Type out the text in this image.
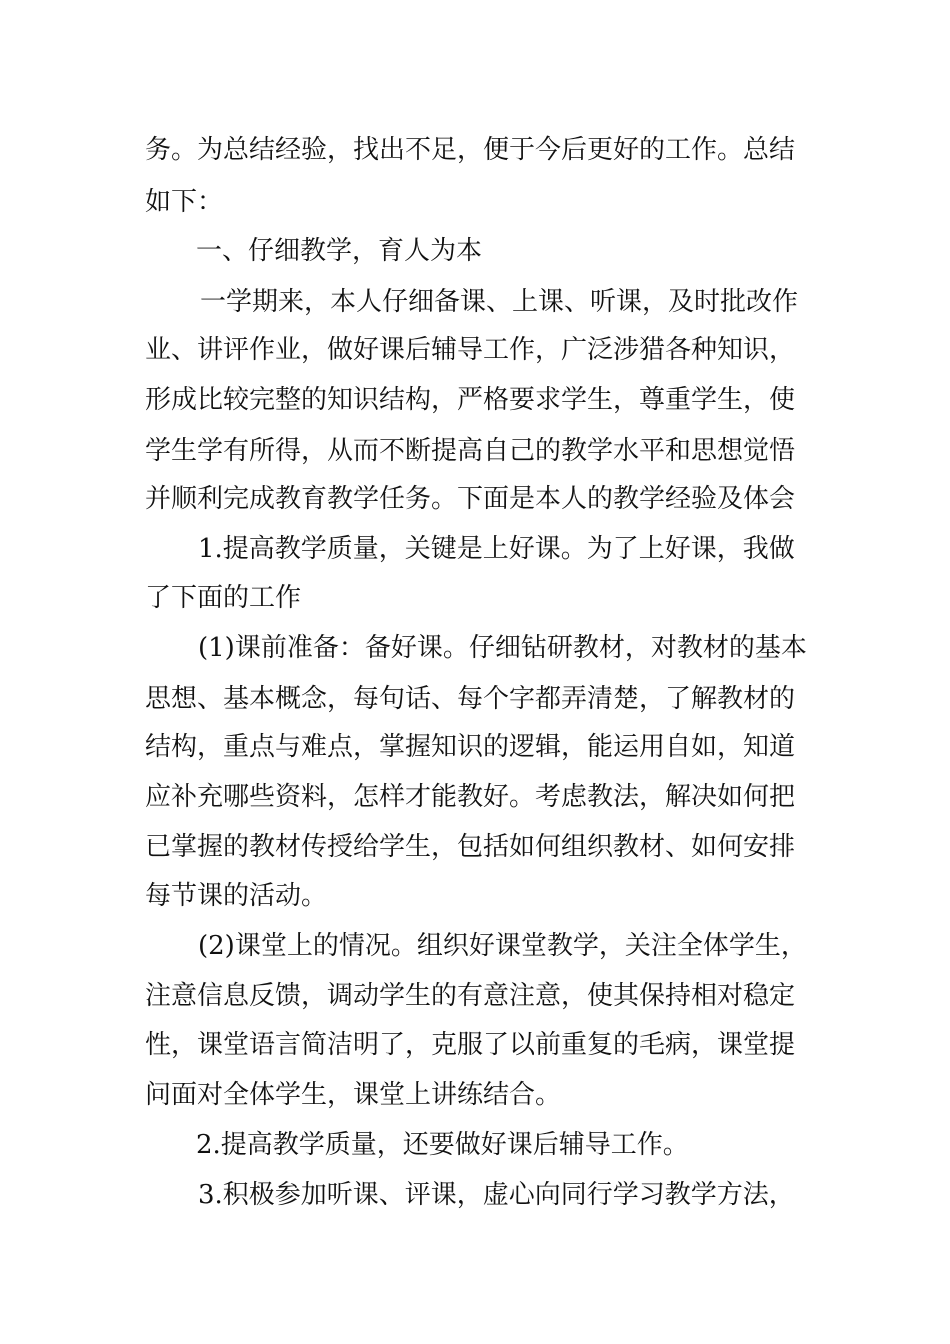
务。为总结经验，找出不足，便于今后更好的工作。总结
如下：
一、仔细教学，育人为本
一学期来，本人仔细备课、上课、听课，及时批改作
业、讲评作业，做好课后辅导工作，广泛涉猎各种知识，
形成比较完整的知识结构，严格要求学生，尊重学生，使
学生学有所得，从而不断提高自己的教学水平和思想觉悟
并顺利完成教育教学任务。下面是本人的教学经验及体会
1.提高教学质量，关键是上好课。为了上好课，我做
了下面的工作
(1)课前准备：备好课。仔细钻研教材，对教材的基本
思想、基本概念，每句话、每个字都弄清楚，了解教材的
结构，重点与难点，掌握知识的逻辑，能运用自如，知道
应补充哪些资料，怎样才能教好。考虑教法，解决如何把
已掌握的教材传授给学生，包括如何组织教材、如何安排
每节课的活动。
(2)课堂上的情况。组织好课堂教学，关注全体学生，
注意信息反馈，调动学生的有意注意，使其保持相对稳定
性，课堂语言简洁明了，克服了以前重复的毛病，课堂提
问面对全体学生，课堂上讲练结合。
2.提高教学质量，还要做好课后辅导工作。
3.积极参加听课、评课，虚心向同行学习教学方法，
